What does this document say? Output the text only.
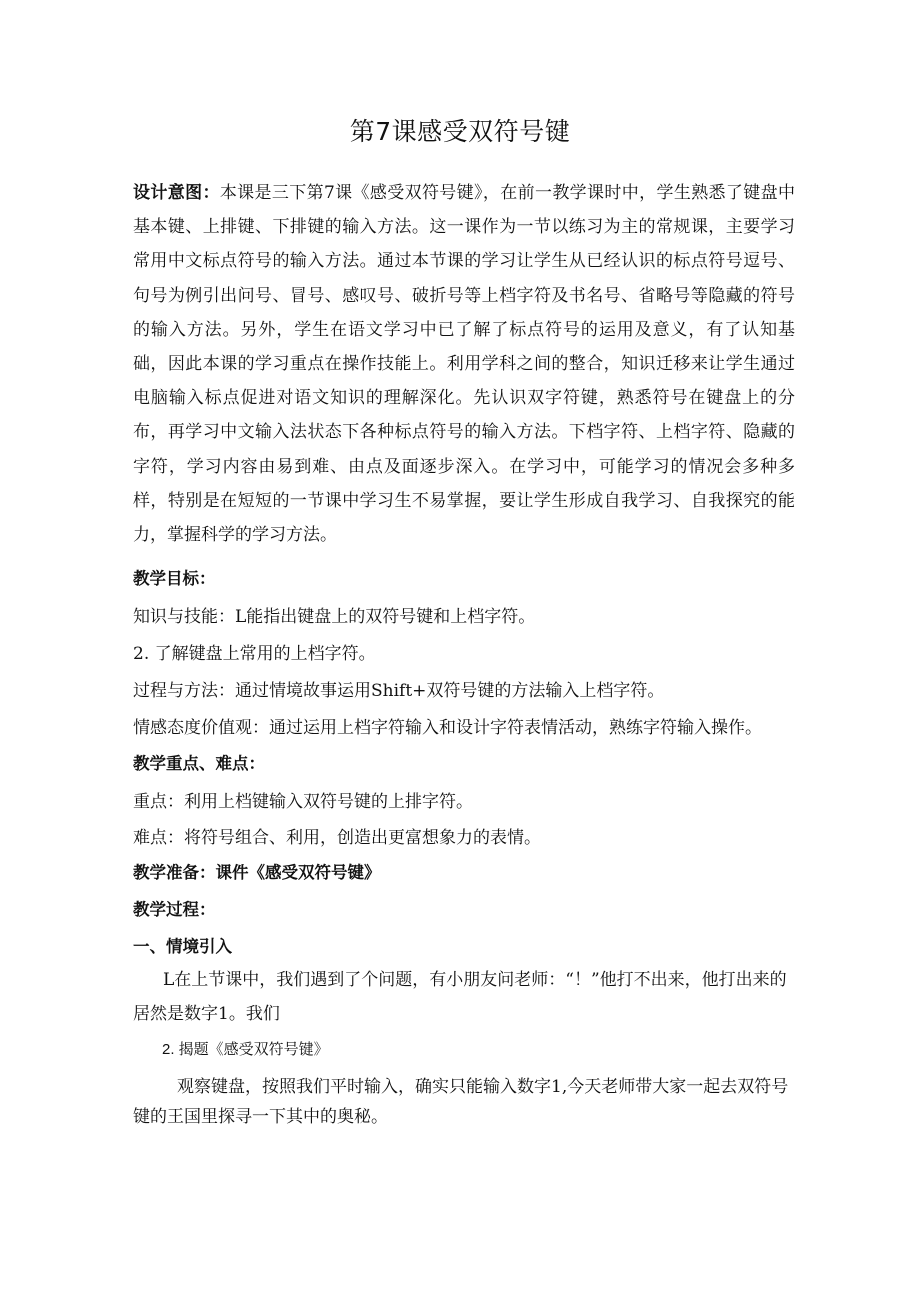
第7课感受双符号键

设计意图：本课是三下第7课《感受双符号键》，在前一教学课时中，学生熟悉了键盘中基本键、上排键、下排键的输入方法。这一课作为一节以练习为主的常规课，主要学习常用中文标点符号的输入方法。通过本节课的学习让学生从已经认识的标点符号逗号、句号为例引出问号、冒号、感叹号、破折号等上档字符及书名号、省略号等隐藏的符号的输入方法。另外，学生在语文学习中已了解了标点符号的运用及意义，有了认知基础，因此本课的学习重点在操作技能上。利用学科之间的整合，知识迁移来让学生通过电脑输入标点促进对语文知识的理解深化。先认识双字符键，熟悉符号在键盘上的分布，再学习中文输入法状态下各种标点符号的输入方法。下档字符、上档字符、隐藏的字符，学习内容由易到难、由点及面逐步深入。在学习中，可能学习的情况会多种多样，特别是在短短的一节课中学习生不易掌握，要让学生形成自我学习、自我探究的能力，掌握科学的学习方法。

教学目标：

知识与技能：L能指出键盘上的双符号键和上档字符。

2. 了解键盘上常用的上档字符。

过程与方法：通过情境故事运用Shift+双符号键的方法输入上档字符。

情感态度价值观：通过运用上档字符输入和设计字符表情活动，熟练字符输入操作。

教学重点、难点：

重点：利用上档键输入双符号键的上排字符。

难点：将符号组合、利用，创造出更富想象力的表情。

教学准备：课件《感受双符号键》

教学过程：

一、情境引入

L在上节课中，我们遇到了个问题，有小朋友问老师：“！”他打不出来，他打出来的居然是数字1。我们

2. 揭题《感受双符号键》

观察键盘，按照我们平时输入，确实只能输入数字1,今天老师带大家一起去双符号键的王国里探寻一下其中的奥秘。
